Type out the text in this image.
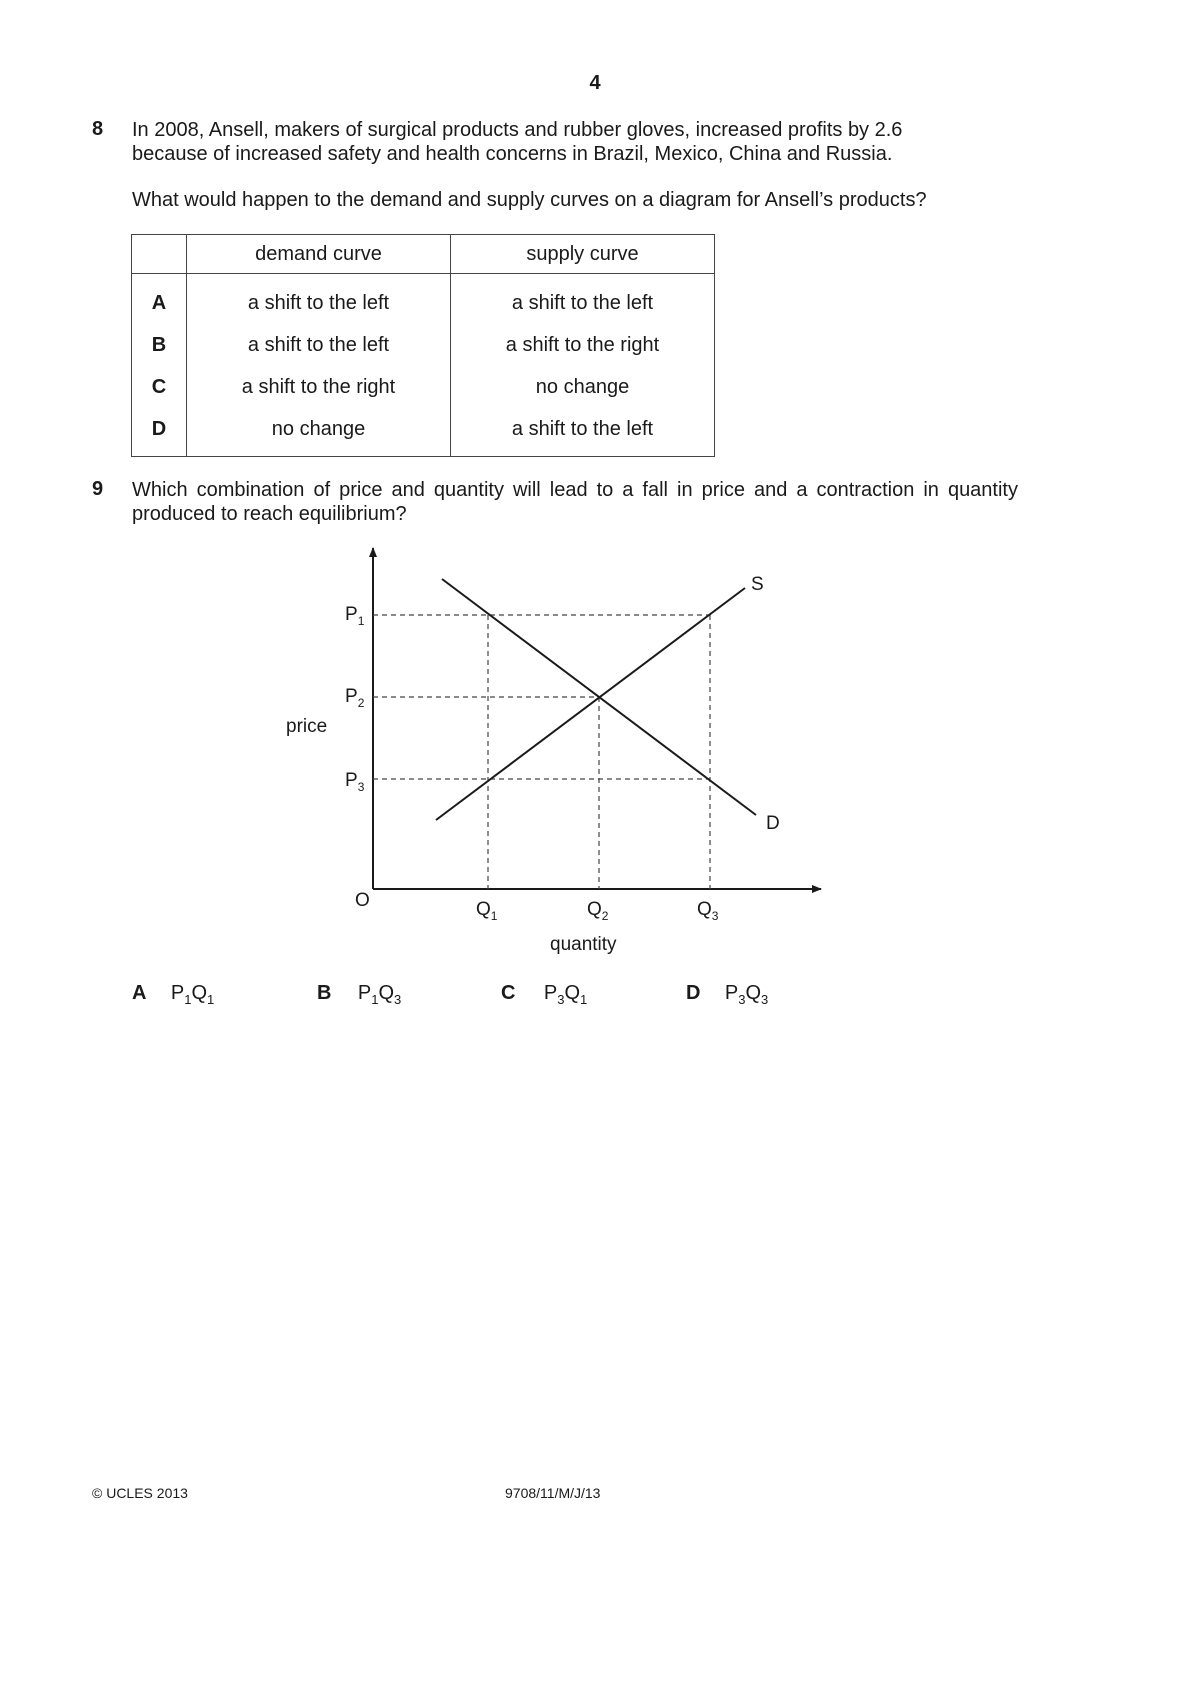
4
8 In 2008, Ansell, makers of surgical products and rubber gloves, increased profits by 2.6
because of increased safety and health concerns in Brazil, Mexico, China and Russia.
What would happen to the demand and supply curves on a diagram for Ansell’s products?
	demand curve	supply curve
A	a shift to the left	a shift to the left
B	a shift to the left	a shift to the right
C	a shift to the right	no change
D	no change	a shift to the left
9 Which combination of price and quantity will lead to a fall in price and a contraction in quantity
produced to reach equilibrium?
S
D
price
quantity
O
$P_1$
$P_2$
$P_3$
$Q_1$	$Q_2$	$Q_3$
A $P_1Q_1$	B $P_1Q_3$	C $P_3Q_1$	D $P_3Q_3$
© UCLES 2013	9708/11/M/J/13
